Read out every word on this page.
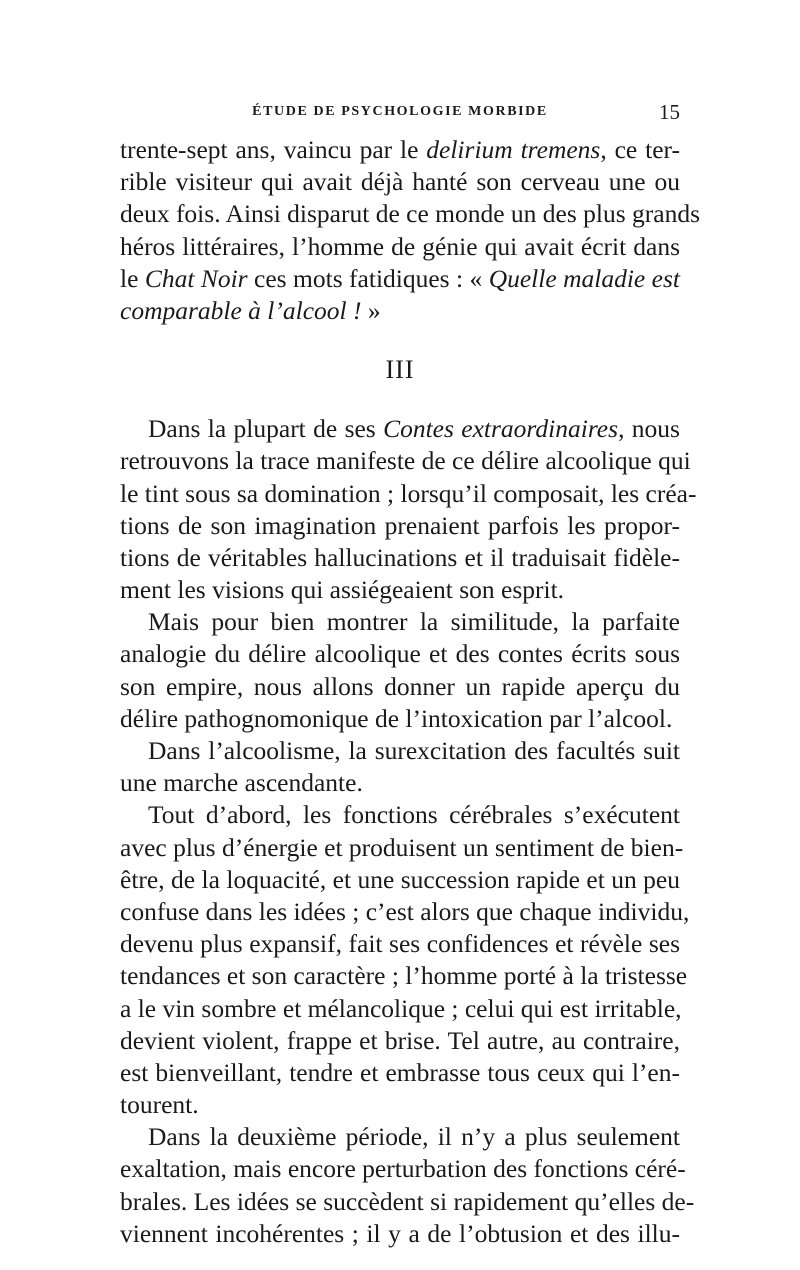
ÉTUDE DE PSYCHOLOGIE MORBIDE	15
trente-sept ans, vaincu par le delirium tremens, ce ter-
rible visiteur qui avait déjà hanté son cerveau une ou
deux fois. Ainsi disparut de ce monde un des plus grands
héros littéraires, l’homme de génie qui avait écrit dans
le Chat Noir ces mots fatidiques : « Quelle maladie est
comparable à l’alcool ! »
III
Dans la plupart de ses Contes extraordinaires, nous
retrouvons la trace manifeste de ce délire alcoolique qui
le tint sous sa domination ; lorsqu’il composait, les créa-
tions de son imagination prenaient parfois les propor-
tions de véritables hallucinations et il traduisait fidèle-
ment les visions qui assiégeaient son esprit.
Mais pour bien montrer la similitude, la parfaite
analogie du délire alcoolique et des contes écrits sous
son empire, nous allons donner un rapide aperçu du
délire pathognomonique de l’intoxication par l’alcool.
Dans l’alcoolisme, la surexcitation des facultés suit
une marche ascendante.
Tout d’abord, les fonctions cérébrales s’exécutent
avec plus d’énergie et produisent un sentiment de bien-
être, de la loquacité, et une succession rapide et un peu
confuse dans les idées ; c’est alors que chaque individu,
devenu plus expansif, fait ses confidences et révèle ses
tendances et son caractère ; l’homme porté à la tristesse
a le vin sombre et mélancolique ; celui qui est irritable,
devient violent, frappe et brise. Tel autre, au contraire,
est bienveillant, tendre et embrasse tous ceux qui l’en-
tourent.
Dans la deuxième période, il n’y a plus seulement
exaltation, mais encore perturbation des fonctions céré-
brales. Les idées se succèdent si rapidement qu’elles de-
viennent incohérentes ; il y a de l’obtusion et des illu-
